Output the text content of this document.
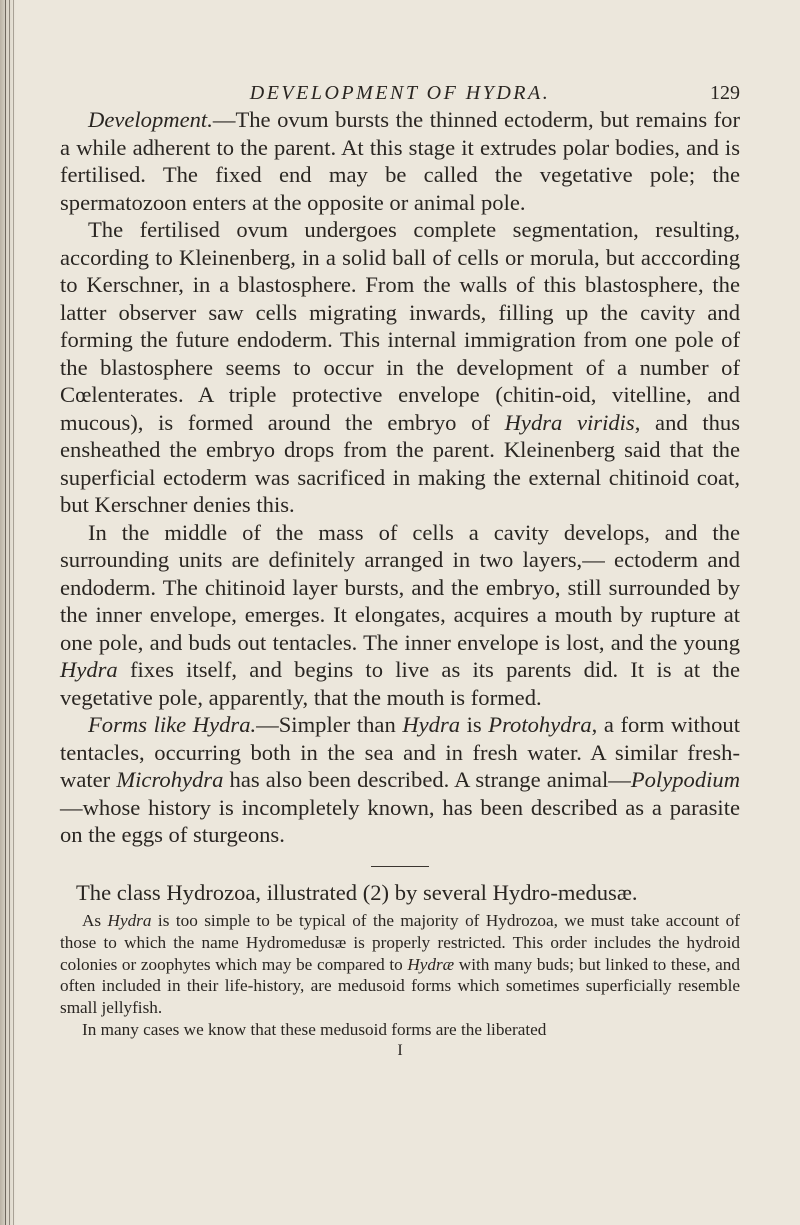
DEVELOPMENT OF HYDRA.	129

Development.—The ovum bursts the thinned ectoderm, but remains for a while adherent to the parent. At this stage it extrudes polar bodies, and is fertilised. The fixed end may be called the vegetative pole; the spermatozoon enters at the opposite or animal pole.

The fertilised ovum undergoes complete segmentation, resulting, according to Kleinenberg, in a solid ball of cells or morula, but acccording to Kerschner, in a blastosphere. From the walls of this blastosphere, the latter observer saw cells migrating inwards, filling up the cavity and forming the future endoderm. This internal immigration from one pole of the blastosphere seems to occur in the development of a number of Cœlenterates. A triple protective envelope (chitin-oid, vitelline, and mucous), is formed around the embryo of Hydra viridis, and thus ensheathed the embryo drops from the parent. Kleinenberg said that the superficial ectoderm was sacrificed in making the external chitinoid coat, but Kerschner denies this.

In the middle of the mass of cells a cavity develops, and the surrounding units are definitely arranged in two layers,— ectoderm and endoderm. The chitinoid layer bursts, and the embryo, still surrounded by the inner envelope, emerges. It elongates, acquires a mouth by rupture at one pole, and buds out tentacles. The inner envelope is lost, and the young Hydra fixes itself, and begins to live as its parents did. It is at the vegetative pole, apparently, that the mouth is formed.

Forms like Hydra.—Simpler than Hydra is Protohydra, a form without tentacles, occurring both in the sea and in fresh water. A similar fresh-water Microhydra has also been described. A strange animal—Polypodium—whose history is incompletely known, has been described as a parasite on the eggs of sturgeons.

The class Hydrozoa, illustrated (2) by several Hydro-medusæ.

As Hydra is too simple to be typical of the majority of Hydrozoa, we must take account of those to which the name Hydromedusæ is properly restricted. This order includes the hydroid colonies or zoophytes which may be compared to Hydræ with many buds; but linked to these, and often included in their life-history, are medusoid forms which sometimes superficially resemble small jellyfish.

In many cases we know that these medusoid forms are the liberated

I
